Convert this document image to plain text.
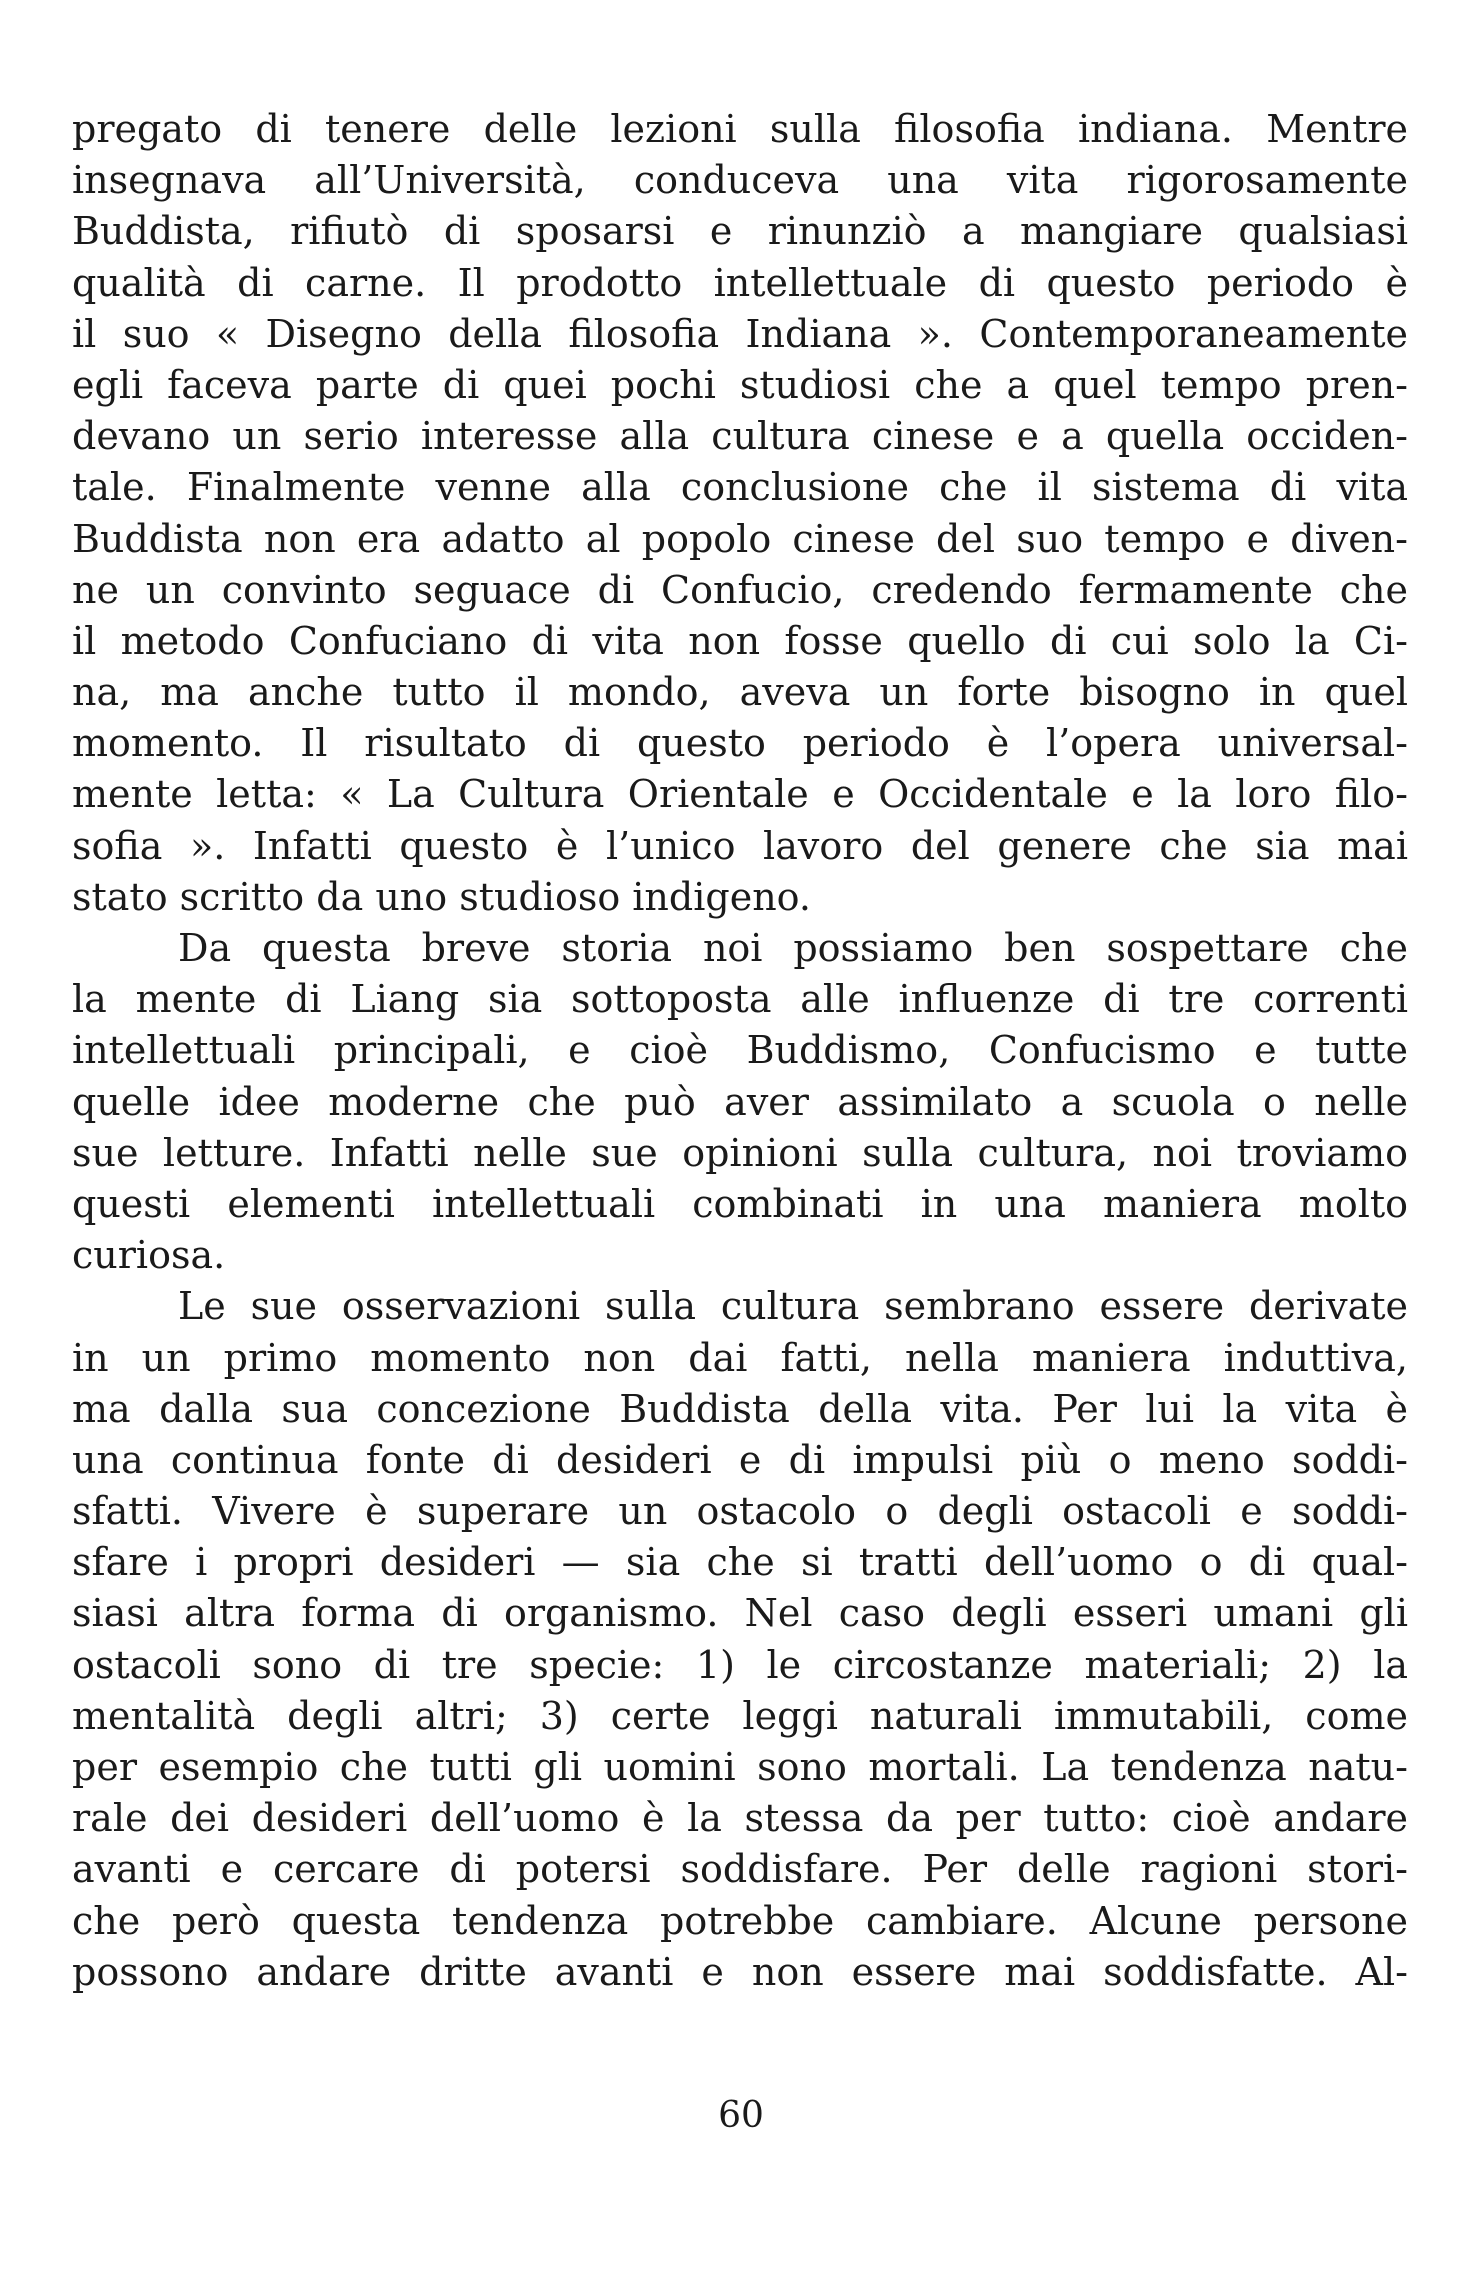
pregato di tenere delle lezioni sulla filosofia indiana. Mentre
insegnava all’Università, conduceva una vita rigorosamente
Buddista, rifiutò di sposarsi e rinunziò a mangiare qualsiasi
qualità di carne. Il prodotto intellettuale di questo periodo è
il suo « Disegno della filosofia Indiana ». Contemporaneamente
egli faceva parte di quei pochi studiosi che a quel tempo pren-
devano un serio interesse alla cultura cinese e a quella occiden-
tale. Finalmente venne alla conclusione che il sistema di vita
Buddista non era adatto al popolo cinese del suo tempo e diven-
ne un convinto seguace di Confucio, credendo fermamente che
il metodo Confuciano di vita non fosse quello di cui solo la Ci-
na, ma anche tutto il mondo, aveva un forte bisogno in quel
momento. Il risultato di questo periodo è l’opera universal-
mente letta: « La Cultura Orientale e Occidentale e la loro filo-
sofia ». Infatti questo è l’unico lavoro del genere che sia mai
stato scritto da uno studioso indigeno.
Da questa breve storia noi possiamo ben sospettare che
la mente di Liang sia sottoposta alle influenze di tre correnti
intellettuali principali, e cioè Buddismo, Confucismo e tutte
quelle idee moderne che può aver assimilato a scuola o nelle
sue letture. Infatti nelle sue opinioni sulla cultura, noi troviamo
questi elementi intellettuali combinati in una maniera molto
curiosa.
Le sue osservazioni sulla cultura sembrano essere derivate
in un primo momento non dai fatti, nella maniera induttiva,
ma dalla sua concezione Buddista della vita. Per lui la vita è
una continua fonte di desideri e di impulsi più o meno soddi-
sfatti. Vivere è superare un ostacolo o degli ostacoli e soddi-
sfare i propri desideri — sia che si tratti dell’uomo o di qual-
siasi altra forma di organismo. Nel caso degli esseri umani gli
ostacoli sono di tre specie: 1) le circostanze materiali; 2) la
mentalità degli altri; 3) certe leggi naturali immutabili, come
per esempio che tutti gli uomini sono mortali. La tendenza natu-
rale dei desideri dell’uomo è la stessa da per tutto: cioè andare
avanti e cercare di potersi soddisfare. Per delle ragioni stori-
che però questa tendenza potrebbe cambiare. Alcune persone
possono andare dritte avanti e non essere mai soddisfatte. Al-
60
